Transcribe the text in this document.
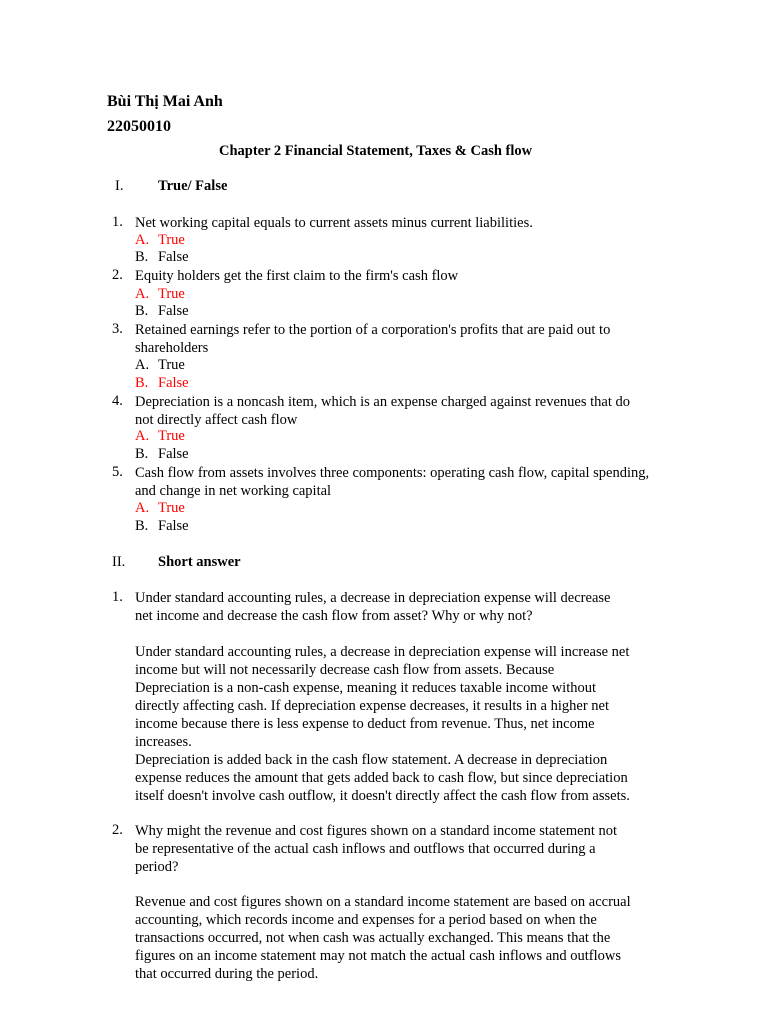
Bùi Thị Mai Anh
22050010
Chapter 2 Financial Statement, Taxes & Cash flow
I. True/ False
1. Net working capital equals to current assets minus current liabilities.
A. True
B. False
2. Equity holders get the first claim to the firm's cash flow
A. True
B. False
3. Retained earnings refer to the portion of a corporation's profits that are paid out to
shareholders
A. True
B. False
4. Depreciation is a noncash item, which is an expense charged against revenues that do
not directly affect cash flow
A. True
B. False
5. Cash flow from assets involves three components: operating cash flow, capital spending,
and change in net working capital
A. True
B. False
II. Short answer
1. Under standard accounting rules, a decrease in depreciation expense will decrease
net income and decrease the cash flow from asset? Why or why not?
Under standard accounting rules, a decrease in depreciation expense will increase net
income but will not necessarily decrease cash flow from assets. Because
Depreciation is a non-cash expense, meaning it reduces taxable income without
directly affecting cash. If depreciation expense decreases, it results in a higher net
income because there is less expense to deduct from revenue. Thus, net income
increases.
Depreciation is added back in the cash flow statement. A decrease in depreciation
expense reduces the amount that gets added back to cash flow, but since depreciation
itself doesn't involve cash outflow, it doesn't directly affect the cash flow from assets.
2. Why might the revenue and cost figures shown on a standard income statement not
be representative of the actual cash inflows and outflows that occurred during a
period?
Revenue and cost figures shown on a standard income statement are based on accrual
accounting, which records income and expenses for a period based on when the
transactions occurred, not when cash was actually exchanged. This means that the
figures on an income statement may not match the actual cash inflows and outflows
that occurred during the period.
